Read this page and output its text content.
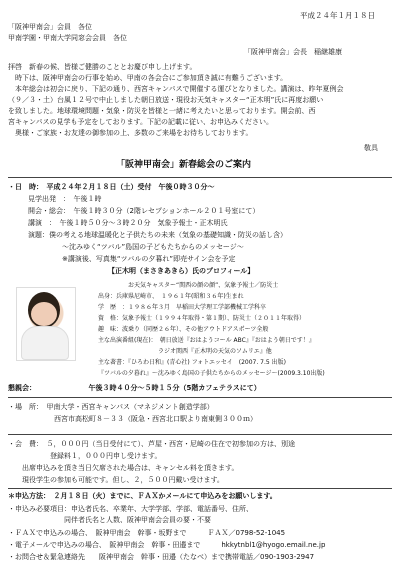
平成２４年１月１８日
「阪神甲南会」会員　各位
甲南学園・甲南大学同窓会会員　各位
「阪神甲南会」会長　稲継雄康
拝啓　新春の候、皆様ご健勝のこととお慶び申し上げます。
　時下は、阪神甲南会の行事を始め、甲南の各会合にご参加頂き誠に有難うございます。
　本年総会は初会に戻り、下記の通り、西宮キャンパスで開催する運びとなりました。講演は、昨年夏例会
（９／３・土）台風１２号で中止しました朝日放送・現役お天気キャスター“正木明”氏に再度お願い
を致しました。地球環境問題・気象・防災を皆様と一緒に考えたいと思っております。開会前、西
宮キャンパスの見学も予定をしております。下記の記載に従い、お申込みください。
　奥様・ご家族・お友達の御参加の上、多数のご来場をお待ちしております。
敬具
「阪神甲南会」新春総会のご案内
・日　時：　平成２４年２月１８日（土）受付　午後０時３０分～
見学出発　：　午後１時
開会・総会：　午後１時３０分（2階レセプションホール２０１号室にて）
講演　：　午後１時５０分～３時２０分　気象予報士・正木明氏
演題：僕の考える地球温暖化と子供たちの未来（気象の基礎知識・防災の話し含）
～沈みゆく“ツバル”島国の子どもたちからのメッセージ～
※講演後、写真集“ツバルの夕暮れ”即売サイン会を予定
【正木明（まさきあきら）氏のプロフィール】
お天気キャスター“関西の顔の顔”、気象予報士／防災士
出身：兵庫県尼崎市、　１９６１年(昭和３６年)生まれ
学　歴　：１９８６年３月　早稲田大学理工学部機械工学科卒
資　格：気象予報士（１９９４年取得・第１期）、防災士（２０１１年取得）
趣　味：波乗り（同歴２６年）、その他アウトドアスポーツ全般
主な出演番組(現在)：　朝日放送『おはようコール ABC』『おはよう朝日です！』
　　　　　　　　　　ラジオ関西『正木明の天気のソムリエ』他
主な著書：『ひろわ日和』(青心社) フォトエッセイ　(2007. 7.5 出版)
『ツバルの夕暮れ』～沈みゆく島国の子供たちからのメッセージ～(2009.3.10出版)
懇親会：　　　　　　　　午後３時４０分～５時１５分（5階カフェテラスにて）
・場　所：　甲南大学・西宮キャンパス（マネジメント創造学部）
西宮市高松町８－３３（阪急・西宮北口駅より南東側３００ｍ）
・会　費：　５，０００円（当日受付にて）、芦屋・西宮・尼崎の住在で初参加の方は、別途
　　　　　　登録料１，０００円申し受けます。
　　出席申込みを頂き当日欠席された場合は、キャンセル料を頂きます。
　　現役学生の参加も可能です。但し、２，５００円戴い受けます。
＊申込方法：　２月１８日（火）までに、ＦＡＸかメールにて申込みをお願いします。
・申込み必要項目：申込者氏名、卒業年、大学学部、学部、電話番号、住所、
　　　　　　　　同伴者氏名と人数、阪神甲南会会員の要・不要
・ＦＡＸで申込みの場合、　阪神甲南会　幹事・坂野まで　　　ＦＡＸ／0798-52-1045
・電子メールで申込みの場合、　阪神甲南会　幹事・田邉まで　　　hkkytnbl1@hyogo.email.ne.jp
・お問合せ＆緊急連絡先　　阪神甲南会　幹事・田邉（たなべ）まで携帯電話／090-1903-2947
